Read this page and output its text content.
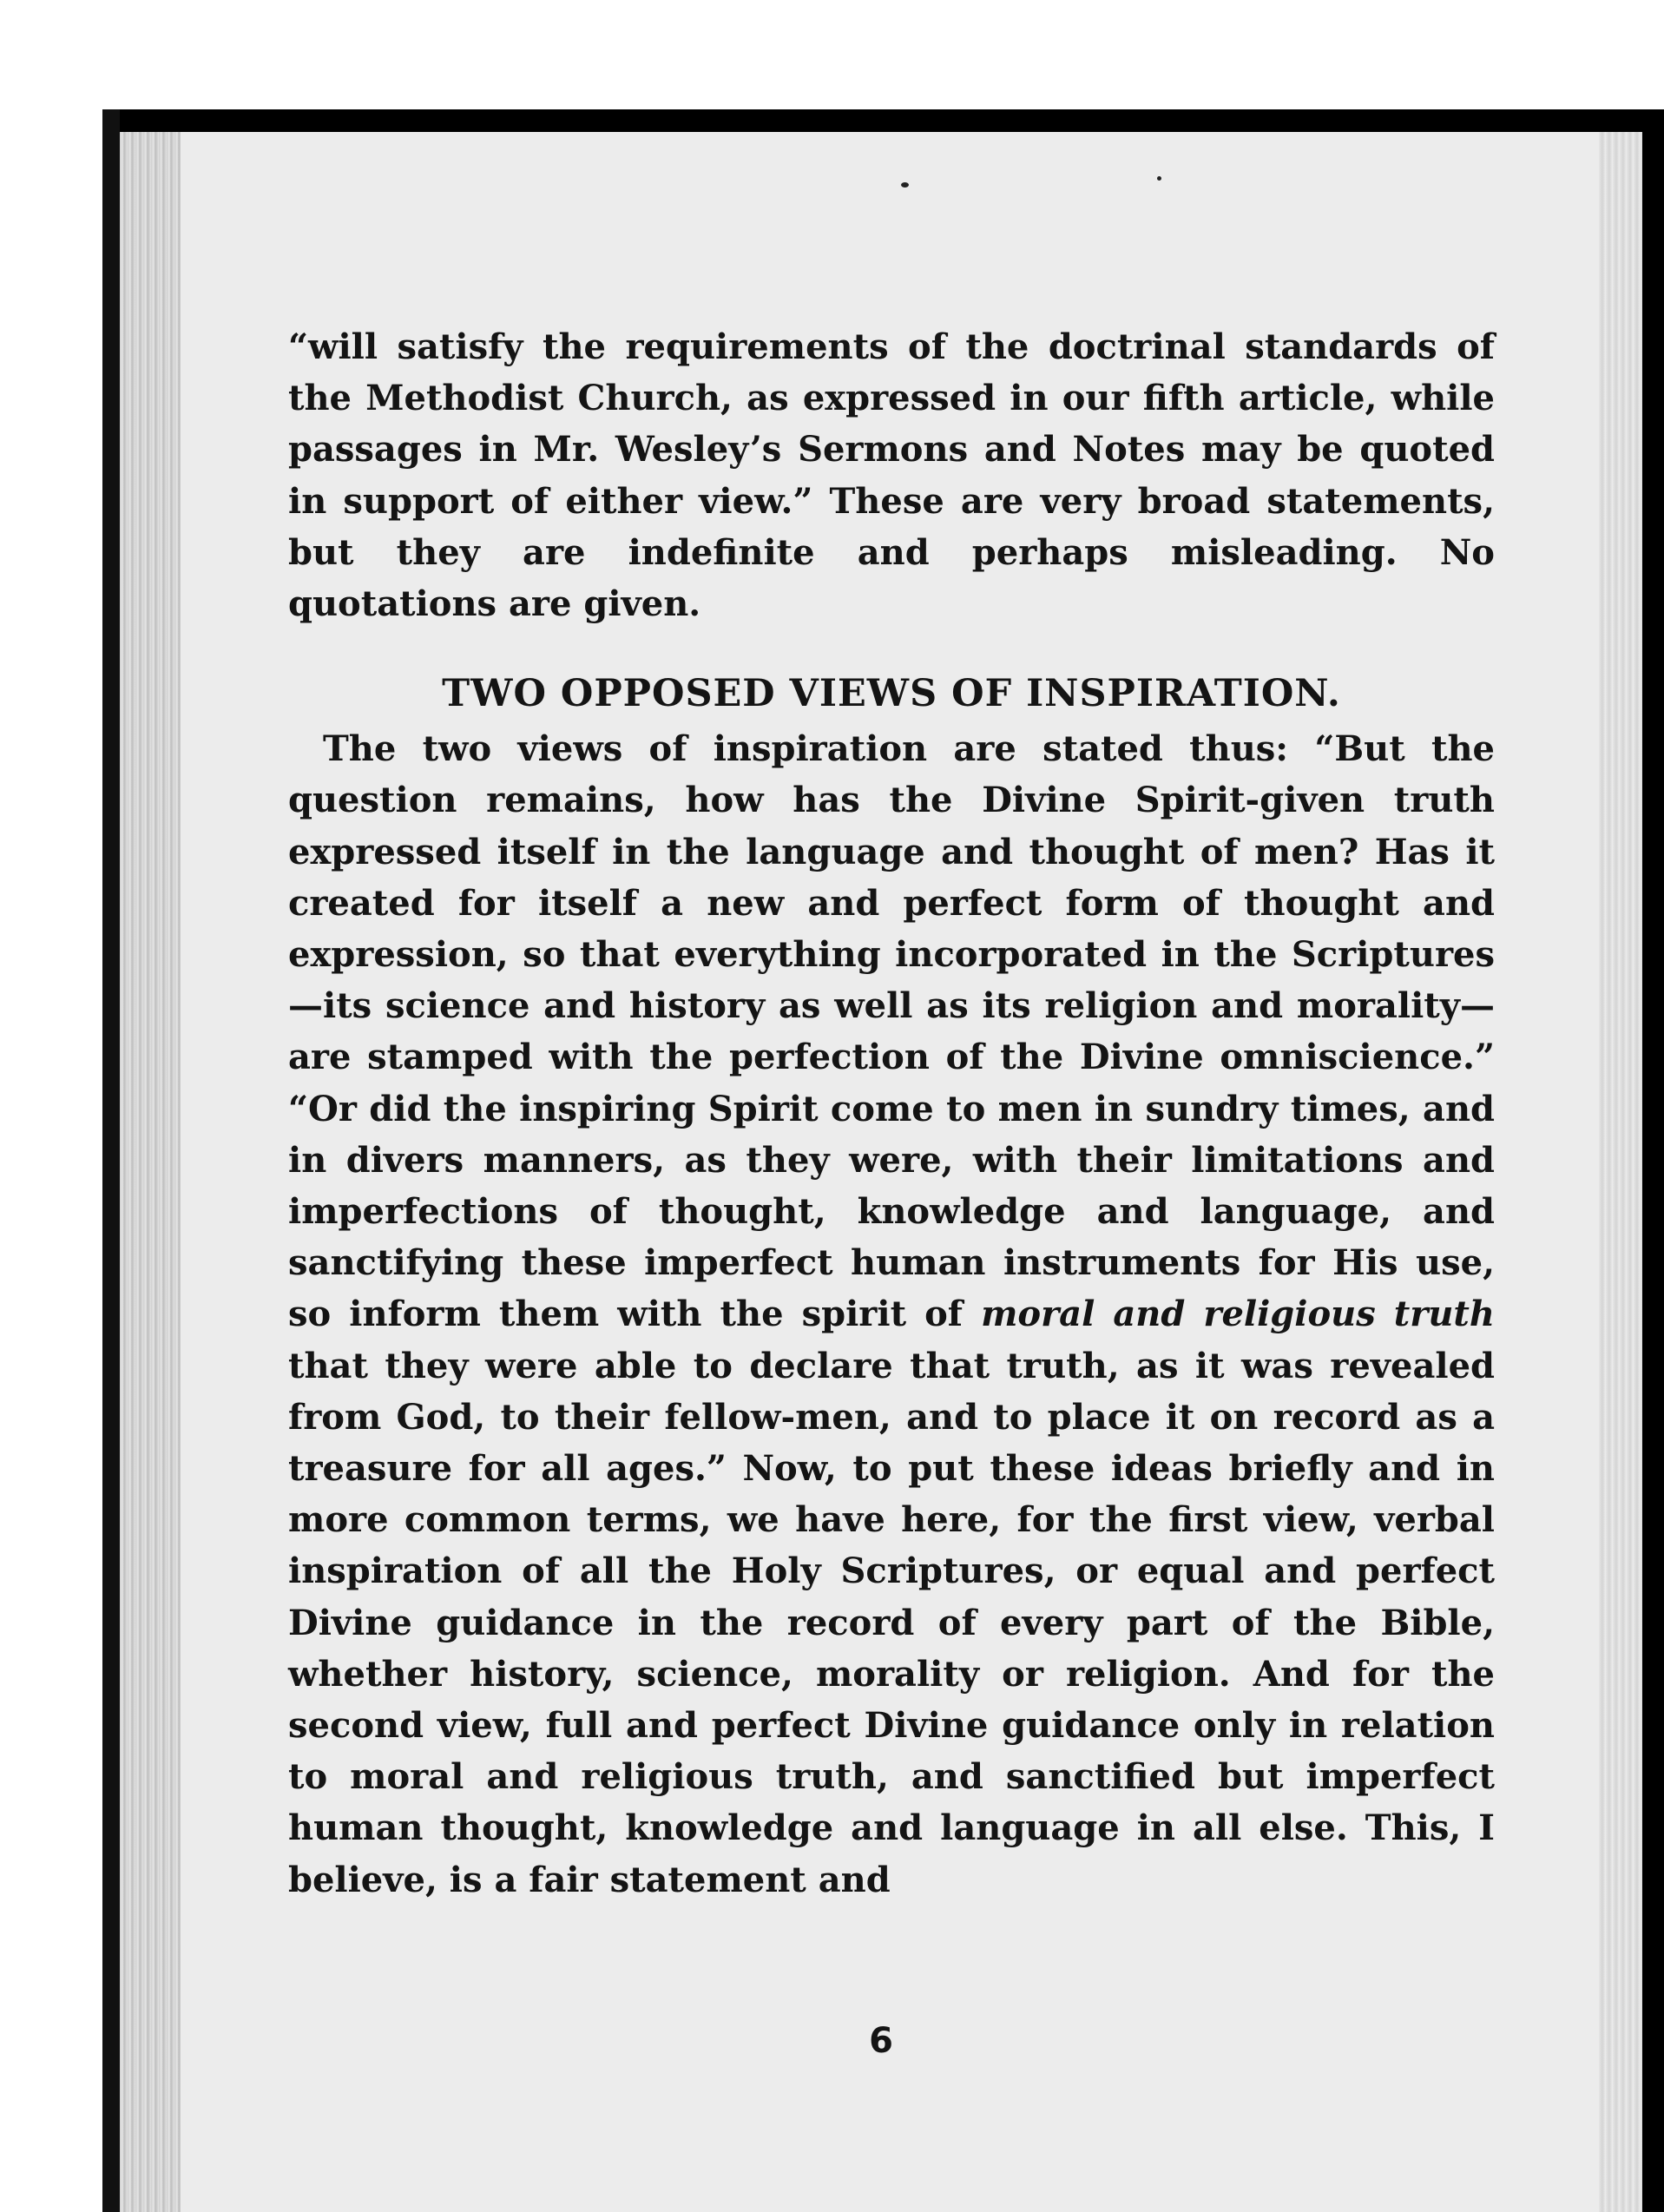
“will satisfy the requirements of the doctrinal standards of the Methodist Church, as expressed in our fifth article, while passages in Mr. Wesley’s Sermons and Notes may be quoted in support of either view.” These are very broad statements, but they are indefinite and perhaps misleading. No quotations are given.

TWO OPPOSED VIEWS OF INSPIRATION.

The two views of inspiration are stated thus: “But the question remains, how has the Divine Spirit-given truth expressed itself in the language and thought of men? Has it created for itself a new and perfect form of thought and expression, so that everything incorporated in the Scriptures—its science and history as well as its religion and morality—are stamped with the perfection of the Divine omniscience.” “Or did the inspiring Spirit come to men in sundry times, and in divers manners, as they were, with their limitations and imperfections of thought, knowledge and language, and sanctifying these imperfect human instruments for His use, so inform them with the spirit of moral and religious truth that they were able to declare that truth, as it was revealed from God, to their fellow-men, and to place it on record as a treasure for all ages.” Now, to put these ideas briefly and in more common terms, we have here, for the first view, verbal inspiration of all the Holy Scriptures, or equal and perfect Divine guidance in the record of every part of the Bible, whether history, science, morality or religion. And for the second view, full and perfect Divine guidance only in relation to moral and religious truth, and sanctified but imperfect human thought, knowledge and language in all else. This, I believe, is a fair statement and

6
